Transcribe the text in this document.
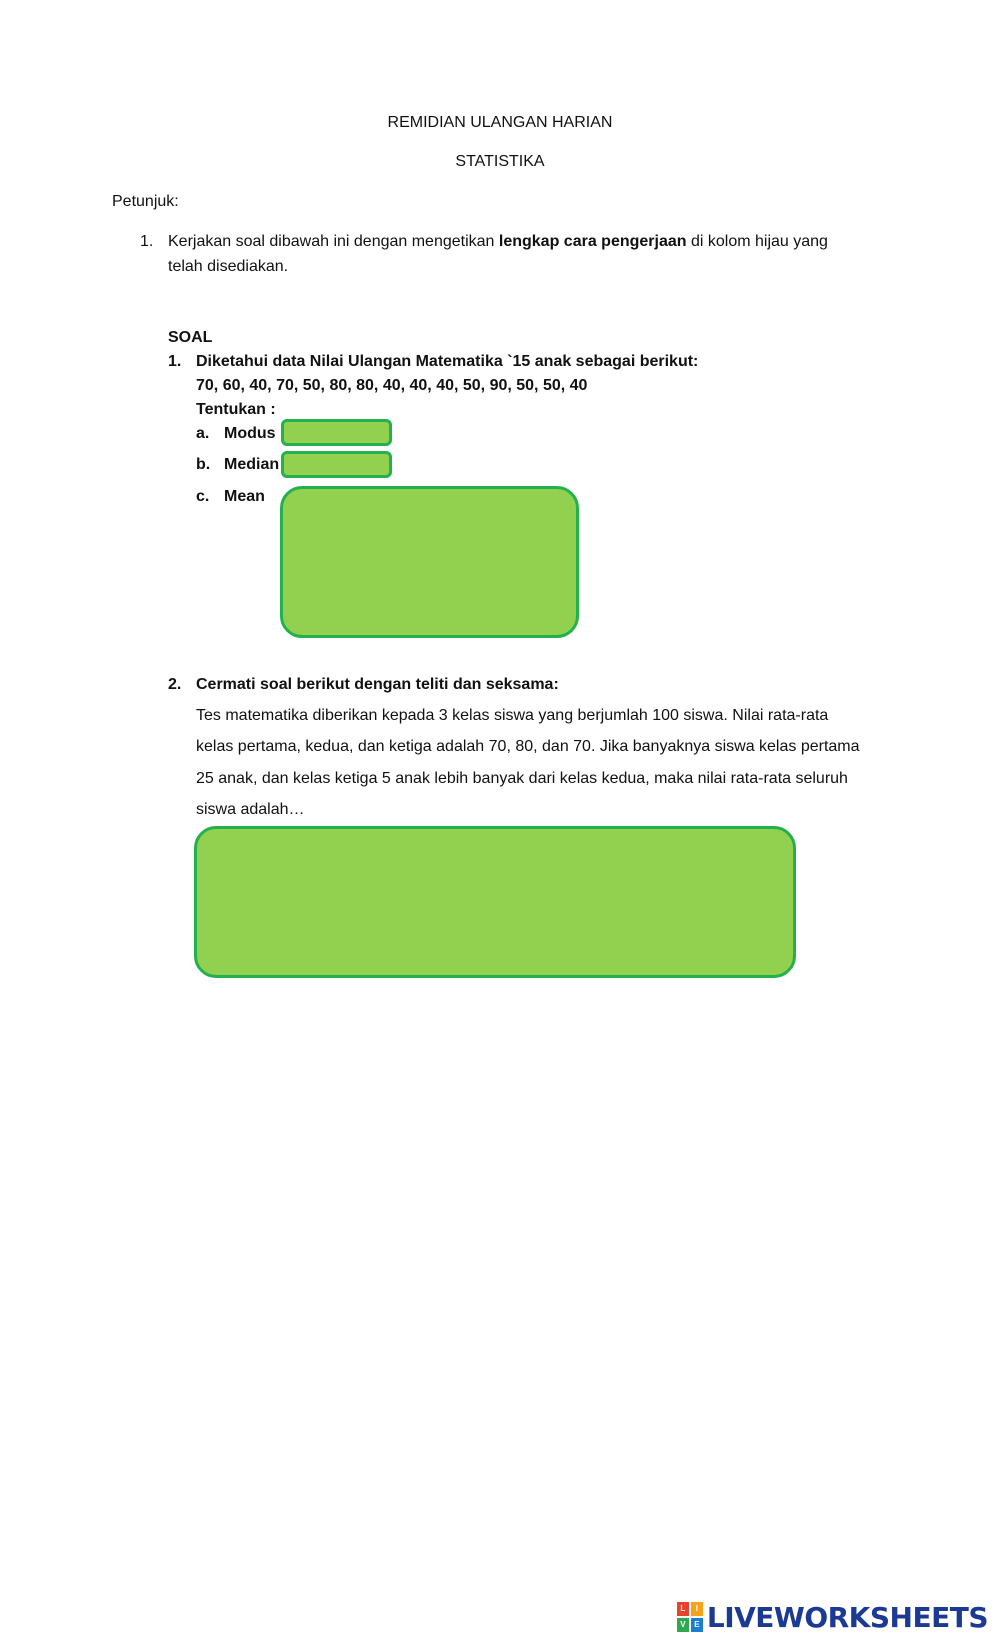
REMIDIAN ULANGAN HARIAN
STATISTIKA
Petunjuk:
1. Kerjakan soal dibawah ini dengan mengetikan lengkap cara pengerjaan di kolom hijau yang
telah disediakan.
SOAL
1. Diketahui data Nilai Ulangan Matematika `15 anak sebagai berikut:
70, 60, 40, 70, 50, 80, 80, 40, 40, 40, 50, 90, 50, 50, 40
Tentukan :
a. Modus
b. Median
c. Mean
2. Cermati soal berikut dengan teliti dan seksama:
Tes matematika diberikan kepada 3 kelas siswa yang berjumlah 100 siswa. Nilai rata-rata
kelas pertama, kedua, dan ketiga adalah 70, 80, dan 70. Jika banyaknya siswa kelas pertama
25 anak, dan kelas ketiga 5 anak lebih banyak dari kelas kedua, maka nilai rata-rata seluruh
siswa adalah…
L	I
V	E LIVEWORKSHEETS
